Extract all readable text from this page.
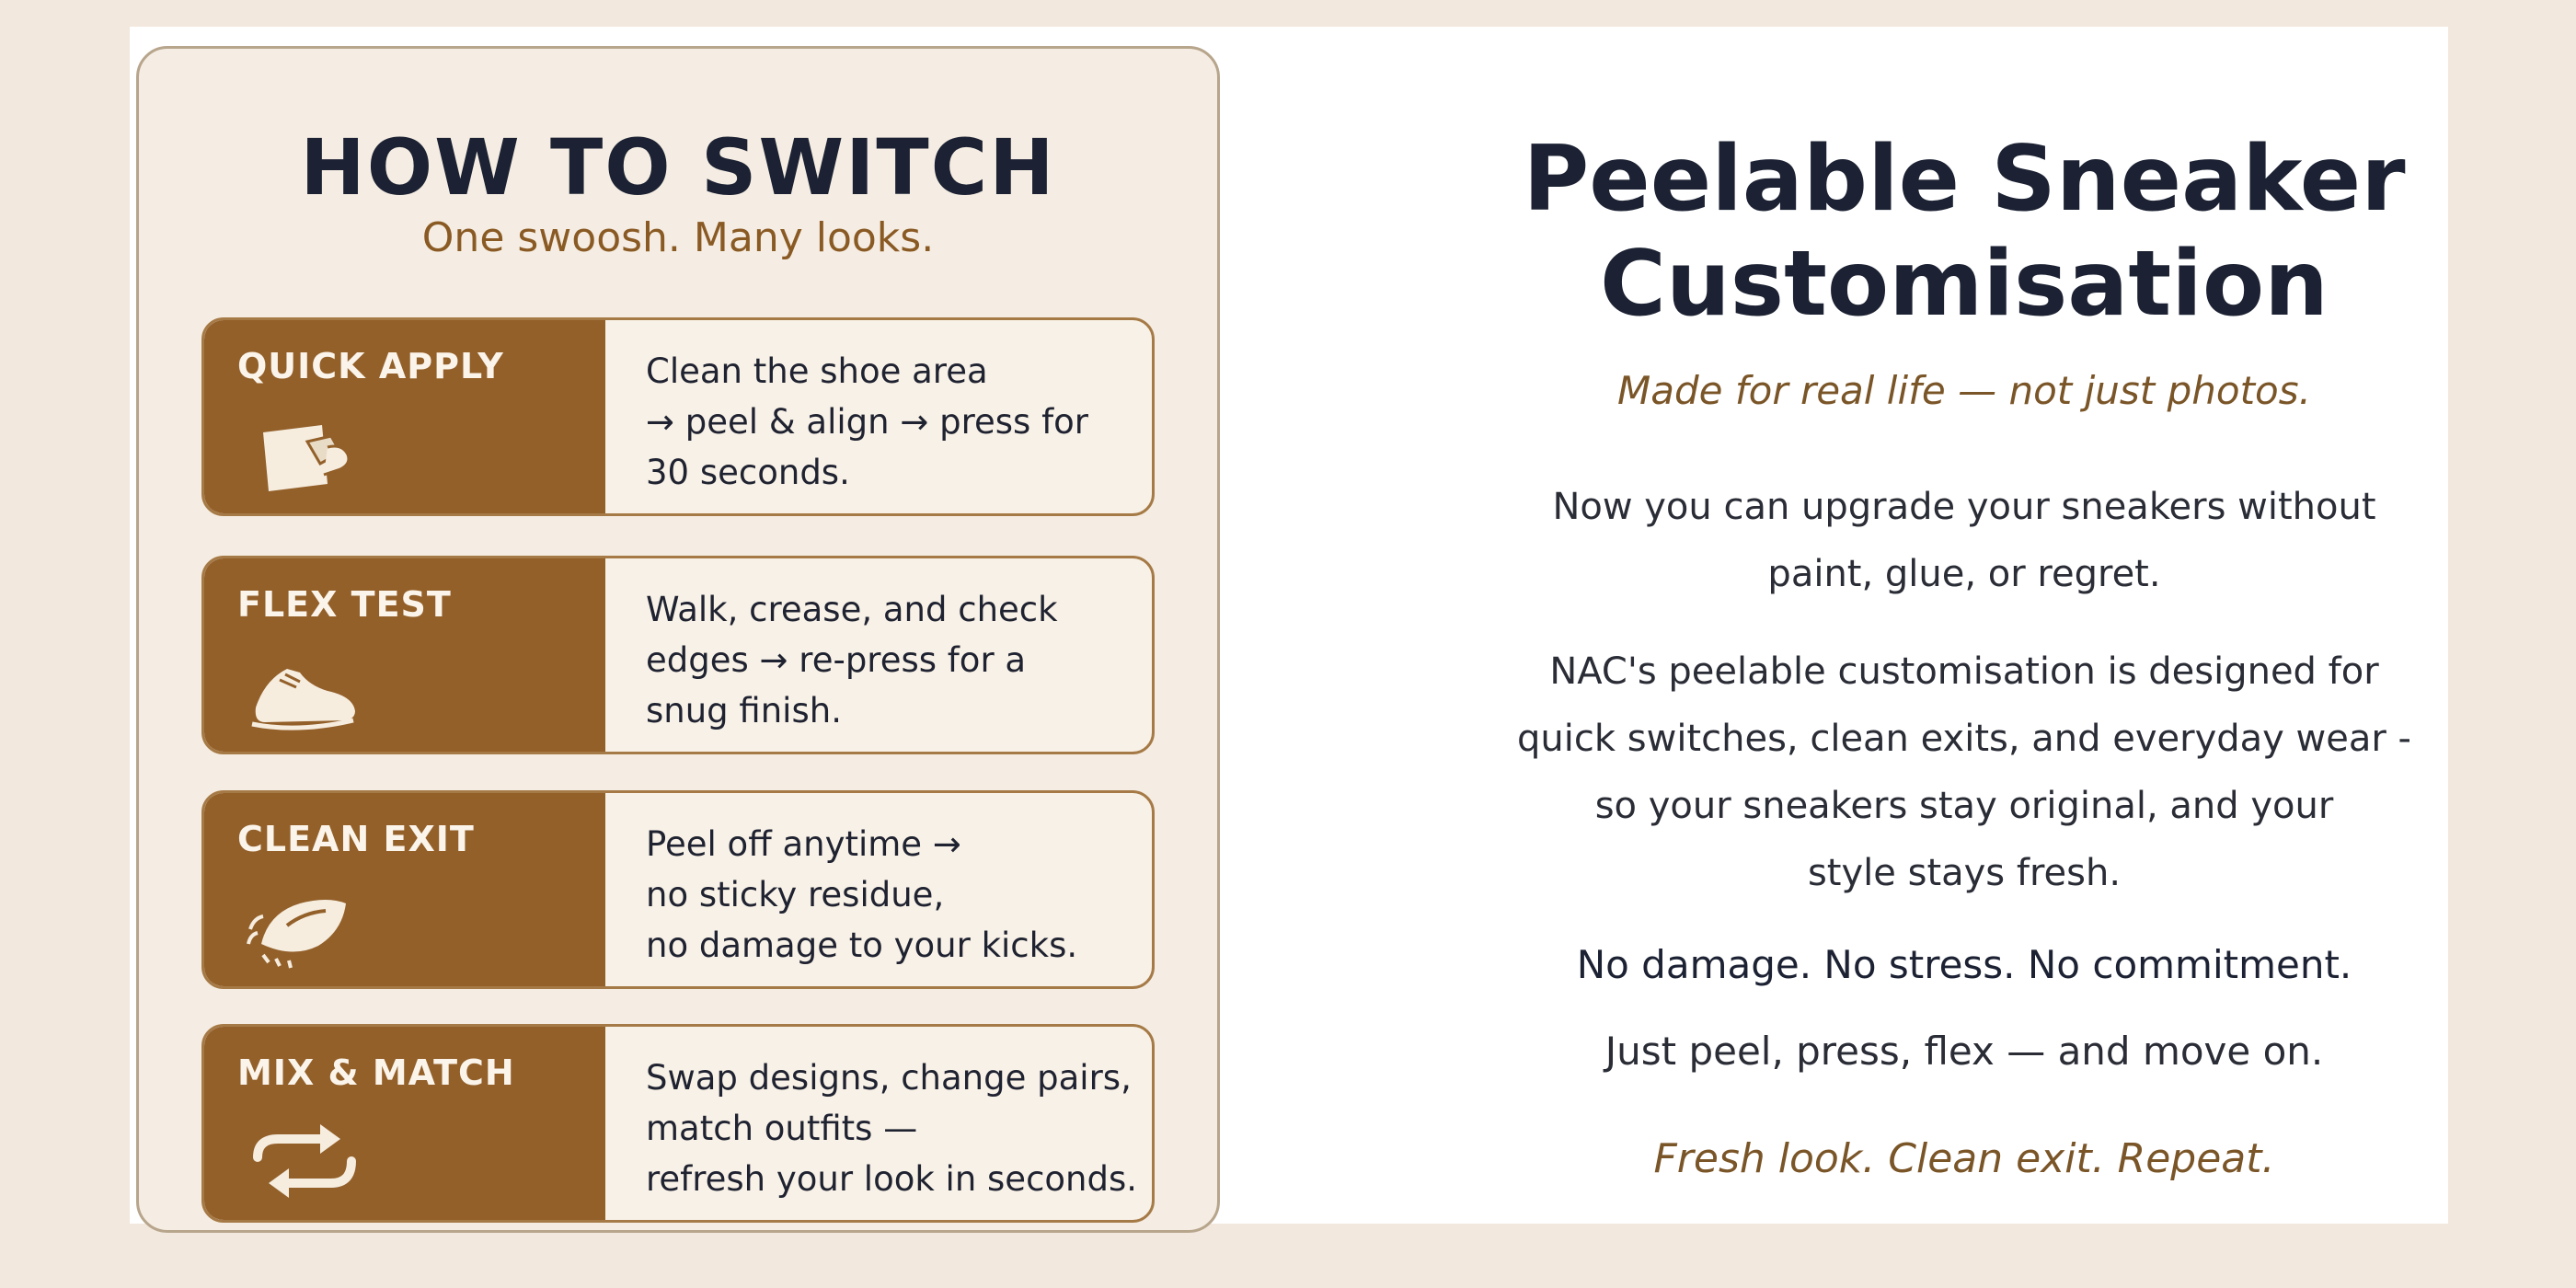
HOW TO SWITCH
One swoosh. Many looks.
QUICK APPLY	Clean the shoe area
→ peel & align → press for
30 seconds.
FLEX TEST	Walk, crease, and check
edges → re-press for a
snug finish.
CLEAN EXIT	Peel off anytime →
no sticky residue,
no damage to your kicks.
MIX & MATCH	Swap designs, change pairs,
match outfits —
refresh your look in seconds.
Peelable Sneaker
Customisation
Made for real life — not just photos.
Now you can upgrade your sneakers without
paint, glue, or regret.
NAC's peelable customisation is designed for
quick switches, clean exits, and everyday wear -
so your sneakers stay original, and your
style stays fresh.
No damage. No stress. No commitment.
Just peel, press, flex — and move on.
Fresh look. Clean exit. Repeat.
